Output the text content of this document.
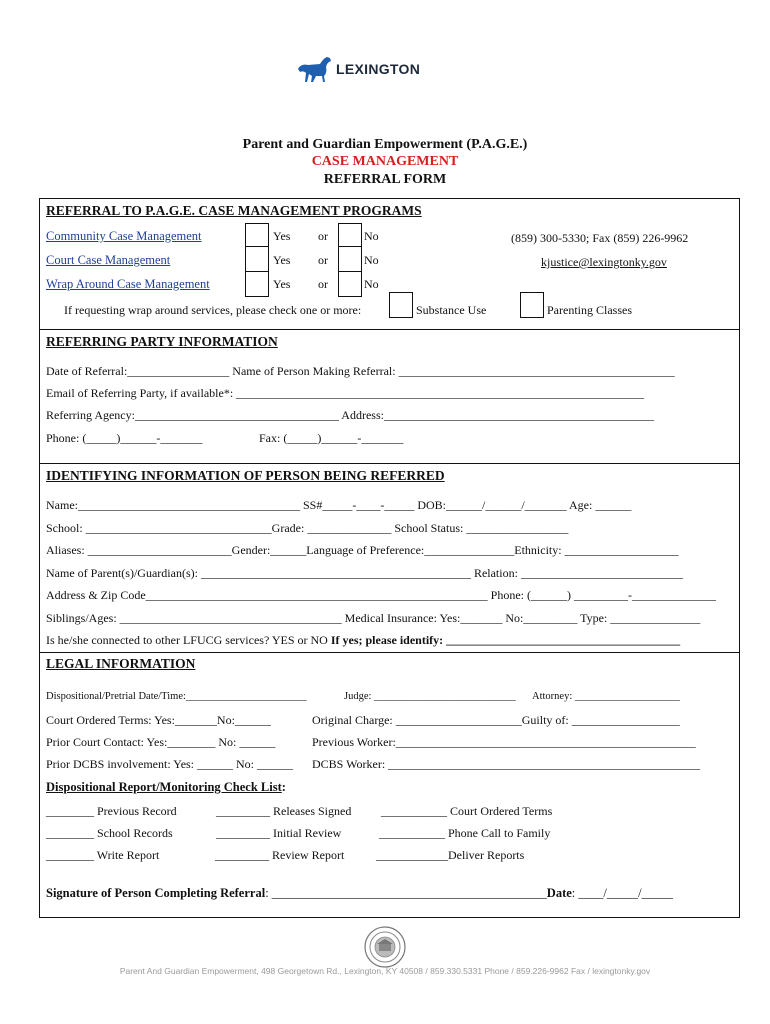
LEXINGTON
Parent and Guardian Empowerment (P.A.G.E.)
CASE MANAGEMENT
REFERRAL FORM
REFERRAL TO P.A.G.E. CASE MANAGEMENT PROGRAMS
Community Case Management	Yes or	No	(859) 300-5330; Fax (859) 226-9962
Court Case Management	Yes or	No	kjustice@lexingtonky.gov
Wrap Around Case Management	Yes or	No
If requesting wrap around services, please check one or more:	Substance Use	Parenting Classes
REFERRING PARTY INFORMATION
Date of Referral:_________________ Name of Person Making Referral: ______________________________________________
Email of Referring Party, if available*: ____________________________________________________________________
Referring Agency:__________________________________ Address:_____________________________________________
Phone: (_____)______-_______	Fax: (_____)______-_______
IDENTIFYING INFORMATION OF PERSON BEING REFERRED
Name:_____________________________________ SS#_____-____-_____ DOB:______/______/_______ Age: ______
School: _______________________________Grade: ______________ School Status: _________________
Aliases: ________________________Gender:______Language of Preference:_______________Ethnicity: ___________________
Name of Parent(s)/Guardian(s): _____________________________________________ Relation: ___________________________
Address & Zip Code_________________________________________________________ Phone: (______) _________-______________
Siblings/Ages: _____________________________________ Medical Insurance: Yes:_______ No:_________ Type: _______________
Is he/she connected to other LFUCG services? YES or NO If yes; please identify: _______________________________________
LEGAL INFORMATION
Dispositional/Pretrial Date/Time:_______________________	Judge: ___________________________ Attorney: ____________________
Court Ordered Terms: Yes:_______No:______	Original Charge: _____________________Guilty of: __________________
Prior Court Contact: Yes:________ No: ______	Previous Worker:__________________________________________________
Prior DCBS involvement: Yes: ______ No: ______ DCBS Worker: ____________________________________________________
Dispositional Report/Monitoring Check List:
________ Previous Record	_________ Releases Signed ___________ Court Ordered Terms
________ School Records	_________ Initial Review	___________ Phone Call to Family
________ Write Report	_________ Review Report	____________Deliver Reports
Signature of Person Completing Referral: ____________________________________________Date: ____/_____/_____
Parent And Guardian Empowerment, 498 Georgetown Rd., Lexington, KY 40508 / 859.330.5331 Phone / 859.226-9962 Fax / lexingtonky.gov
